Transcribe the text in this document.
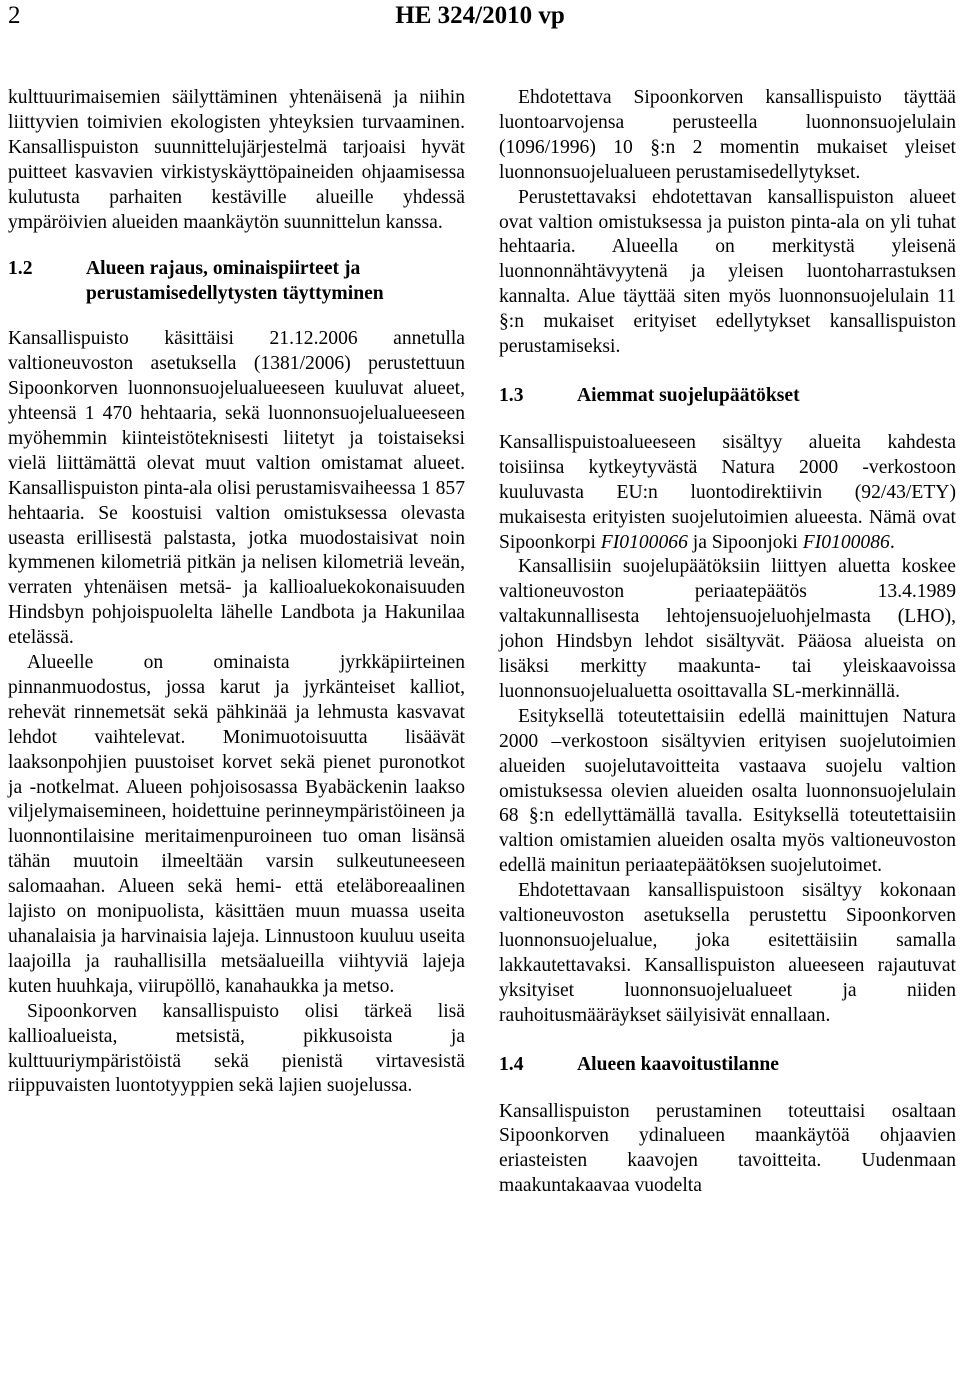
2	HE 324/2010 vp

kulttuurimaisemien säilyttäminen yhtenäisenä ja niihin liittyvien toimivien ekologisten yhteyksien turvaaminen. Kansallispuiston suunnittelujärjestelmä tarjoaisi hyvät puitteet kasvavien virkistyskäyttöpaineiden ohjaamisessa kulutusta parhaiten kestäville alueille yhdessä ympäröivien alueiden maankäytön suunnittelun kanssa.

1.2	Alueen rajaus, ominaispiirteet ja perustamisedellytysten täyttyminen

Kansallispuisto käsittäisi 21.12.2006 annetulla valtioneuvoston asetuksella (1381/2006) perustettuun Sipoonkorven luonnonsuojelualueeseen kuuluvat alueet, yhteensä 1 470 hehtaaria, sekä luonnonsuojelualueeseen myöhemmin kiinteistöteknisesti liitetyt ja toistaiseksi vielä liittämättä olevat muut valtion omistamat alueet. Kansallispuiston pinta-ala olisi perustamisvaiheessa 1 857 hehtaaria. Se koostuisi valtion omistuksessa olevasta useasta erillisestä palstasta, jotka muodostaisivat noin kymmenen kilometriä pitkän ja nelisen kilometriä leveän, verraten yhtenäisen metsä- ja kallioaluekokonaisuuden Hindsbyn pohjoispuolelta lähelle Landbota ja Hakunilaa etelässä.

Alueelle on ominaista jyrkkäpiirteinen pinnanmuodostus, jossa karut ja jyrkänteiset kalliot, rehevät rinnemetsät sekä pähkinää ja lehmusta kasvavat lehdot vaihtelevat. Monimuotoisuutta lisäävät laaksonpohjien puustoiset korvet sekä pienet puronotkot ja -notkelmat. Alueen pohjoisosassa Byabäckenin laakso viljelymaisemineen, hoidettuine perinneympäristöineen ja luonnontilaisine meritaimenpuroineen tuo oman lisänsä tähän muutoin ilmeeltään varsin sulkeutuneeseen salomaahan. Alueen sekä hemi- että eteläboreaalinen lajisto on monipuolista, käsittäen muun muassa useita uhanalaisia ja harvinaisia lajeja. Linnustoon kuuluu useita laajoilla ja rauhallisilla metsäalueilla viihtyviä lajeja kuten huuhkaja, viirupöllö, kanahaukka ja metso.

Sipoonkorven kansallispuisto olisi tärkeä lisä kallioalueista, metsistä, pikkusoista ja kulttuuriympäristöistä sekä pienistä virtavesistä riippuvaisten luontotyyppien sekä lajien suojelussa.

Ehdotettava Sipoonkorven kansallispuisto täyttää luontoarvojensa perusteella luonnonsuojelulain (1096/1996) 10 §:n 2 momentin mukaiset yleiset luonnonsuojelualueen perustamisedellytykset.

Perustettavaksi ehdotettavan kansallispuiston alueet ovat valtion omistuksessa ja puiston pinta-ala on yli tuhat hehtaaria. Alueella on merkitystä yleisenä luonnonnähtävyytenä ja yleisen luontoharrastuksen kannalta. Alue täyttää siten myös luonnonsuojelulain 11 §:n mukaiset erityiset edellytykset kansallispuiston perustamiseksi.

1.3	Aiemmat suojelupäätökset

Kansallispuistoalueeseen sisältyy alueita kahdesta toisiinsa kytkeytyvästä Natura 2000 -verkostoon kuuluvasta EU:n luontodirektiivin (92/43/ETY) mukaisesta erityisten suojelutoimien alueesta. Nämä ovat Sipoonkorpi FI0100066 ja Sipoonjoki FI0100086.

Kansallisiin suojelupäätöksiin liittyen aluetta koskee valtioneuvoston periaatepäätös 13.4.1989 valtakunnallisesta lehtojensuojeluohjelmasta (LHO), johon Hindsbyn lehdot sisältyvät. Pääosa alueista on lisäksi merkitty maakunta- tai yleiskaavoissa luonnonsuojelualuetta osoittavalla SL-merkinnällä.

Esityksellä toteutettaisiin edellä mainittujen Natura 2000 –verkostoon sisältyvien erityisen suojelutoimien alueiden suojelutavoitteita vastaava suojelu valtion omistuksessa olevien alueiden osalta luonnonsuojelulain 68 §:n edellyttämällä tavalla. Esityksellä toteutettaisiin valtion omistamien alueiden osalta myös valtioneuvoston edellä mainitun periaatepäätöksen suojelutoimet.

Ehdotettavaan kansallispuistoon sisältyy kokonaan valtioneuvoston asetuksella perustettu Sipoonkorven luonnonsuojelualue, joka esitettäisiin samalla lakkautettavaksi. Kansallispuiston alueeseen rajautuvat yksityiset luonnonsuojelualueet ja niiden rauhoitusmääräykset säilyisivät ennallaan.

1.4	Alueen kaavoitustilanne

Kansallispuiston perustaminen toteuttaisi osaltaan Sipoonkorven ydinalueen maankäytöä ohjaavien eriasteisten kaavojen tavoitteita. Uudenmaan maakuntakaavaa vuodelta
